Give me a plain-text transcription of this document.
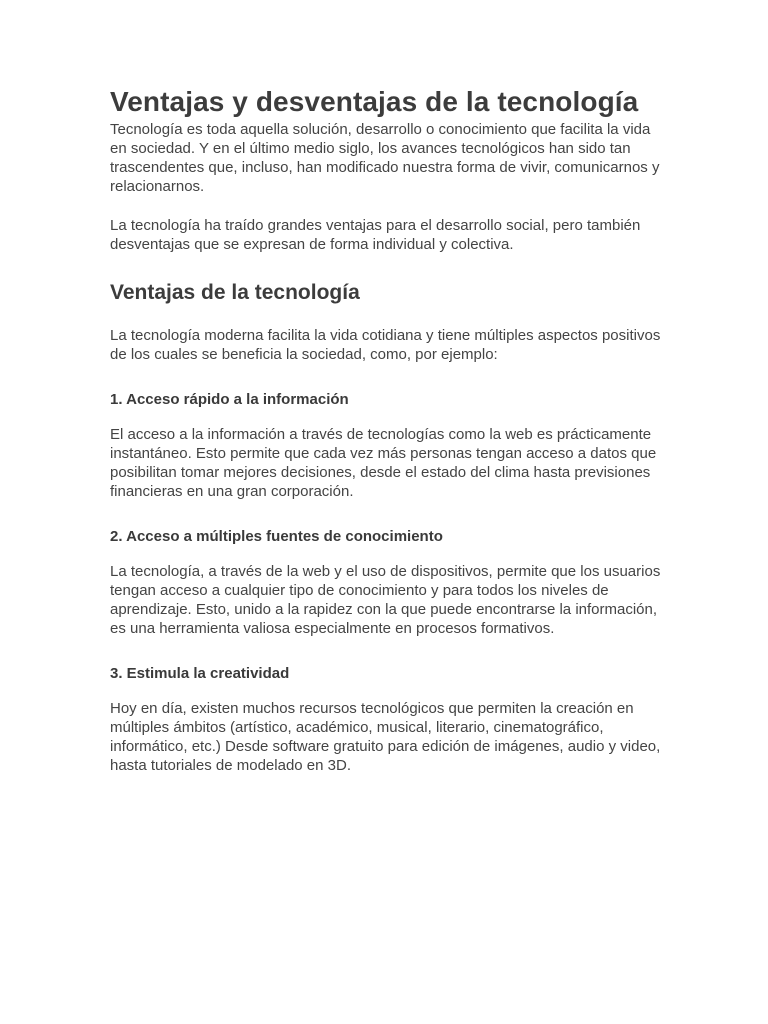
Ventajas y desventajas de la tecnología

Tecnología es toda aquella solución, desarrollo o conocimiento que facilita la vida en sociedad. Y en el último medio siglo, los avances tecnológicos han sido tan trascendentes que, incluso, han modificado nuestra forma de vivir, comunicarnos y relacionarnos.

La tecnología ha traído grandes ventajas para el desarrollo social, pero también desventajas que se expresan de forma individual y colectiva.

Ventajas de la tecnología

La tecnología moderna facilita la vida cotidiana y tiene múltiples aspectos positivos de los cuales se beneficia la sociedad, como, por ejemplo:

1. Acceso rápido a la información

El acceso a la información a través de tecnologías como la web es prácticamente instantáneo. Esto permite que cada vez más personas tengan acceso a datos que posibilitan tomar mejores decisiones, desde el estado del clima hasta previsiones financieras en una gran corporación.

2. Acceso a múltiples fuentes de conocimiento

La tecnología, a través de la web y el uso de dispositivos, permite que los usuarios tengan acceso a cualquier tipo de conocimiento y para todos los niveles de aprendizaje. Esto, unido a la rapidez con la que puede encontrarse la información, es una herramienta valiosa especialmente en procesos formativos.

3. Estimula la creatividad

Hoy en día, existen muchos recursos tecnológicos que permiten la creación en múltiples ámbitos (artístico, académico, musical, literario, cinematográfico, informático, etc.) Desde software gratuito para edición de imágenes, audio y video, hasta tutoriales de modelado en 3D.
